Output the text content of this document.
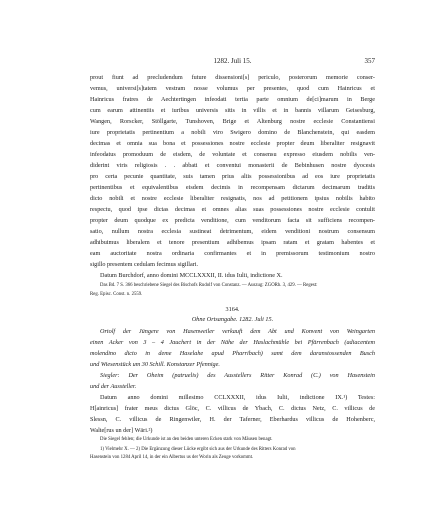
1282. Juli 15.	357
prout fiunt ad precludendum future dissensioni[s] periculo, posterorum memorie conser-
vemus, universi[s]tatem vestram nosse volumus per presentes, quod cum Hainricus et
Hainricus fratres de Aechtertingen infeodati tertia parte omnium de[ci]marum in Berge
cum earum attinentiis et iuribus universis sitis in villis et in bannis villarum Geisesburg,
Wangen, Rorscker, Stöllgarte, Tunshoven, Brige et Altenburg nostre ecclesie Constantiensi
iure proprietatis pertinentium a nobili viro Swigero domino de Blanchenstein, qui easdem
decimas et omnia sua bona et possessiones nostre ecclesie propter deum liberaliter resignavit
infeodatus promoduum de eisdem, de voluntate et consensu expresso eiusdem nobilis ven-
diderint viris religiosis . . abbati et conventui monasterii de Bebinhusen nostre dyocesis
pro certa pecunie quantitate, suis tamen prius aliis possessionibus ad eos iure proprietatis
pertinentibus et equivalentibus eisdem decimis in recompensam dictarum decimarum traditis
dicto nobili et nostre ecclesie liberaliter resignatis, nos ad petitionem ipsius nobilis habito
respectu, quod ipse dictas decimas et omnes alias suas possessiones nostre ecclesie contulit
propter deum quodque ex predicta venditione, cum venditorum facta sit sufficiens recompen-
satio, nullum nostra ecclesia sustineat detrimentum, eidem venditioni nostrum consensum
adhibuimus liberalem et tenore presentium adhibemus ipsam ratam et gratam habentes et
eam auctoritate nostra ordinaria confirmantes et in premissorum testimonium nostro
sigillo presentem cedulam fecimus sigillari.
Datum Burchdorf, anno domini MCCLXXXII, II. idus Iulii, indictione X.
Das Bd. 7 S. 366 beschriebene Siegel des Bischofs Rudolf von Constanz. — Auszug: ZGORh. 3, 429. — Regest:
Reg. Episc. Const. n. 2559.
3164.
Ohne Ortsangabe. 1282. Juli 15.
Ortolf der Jüngere von Hasenweiler verkauft dem Abt und Konvent von Weingarten
einen Acker von 3 – 4 Jauchert in der Nähe der Haslachmühle bei Pfärrenbach (adiacentem
molendino dicto in deme Haselahe apud Pharribach) samt dem daranstossenden Busch
und Wiesenstück um 30 Schill. Konstanzer Pfennige.
Siegler: Der Oheim (patruelis) des Ausstellers Ritter Konrad (C.) von Hasenstein
und der Aussteller.
Datum anno domini millesimo CCLXXXII, idus Iulii, indictione IX.¹) Testes:
H[ainricus] frater meus dictus Glöc, C. villicus de Ybach, C. dictus Netz, C. villicus de
Slessn, C. villicus de Ringenwiler, H. der Taferner, Eberhardus villicus de Hohenberc,
Walte[rus un der] Wäri.²)
Die Siegel fehlen; die Urkunde ist an den beiden unteren Ecken stark von Mäusen benagt.
1) Vielmehr X. — 2) Die Ergänzung dieser Lücke ergibt sich aus der Urkunde des Ritters Konrad von
Hasenstein von 1284 April 14, in der ein Albertus us der Worin als Zeuge vorkommt.
